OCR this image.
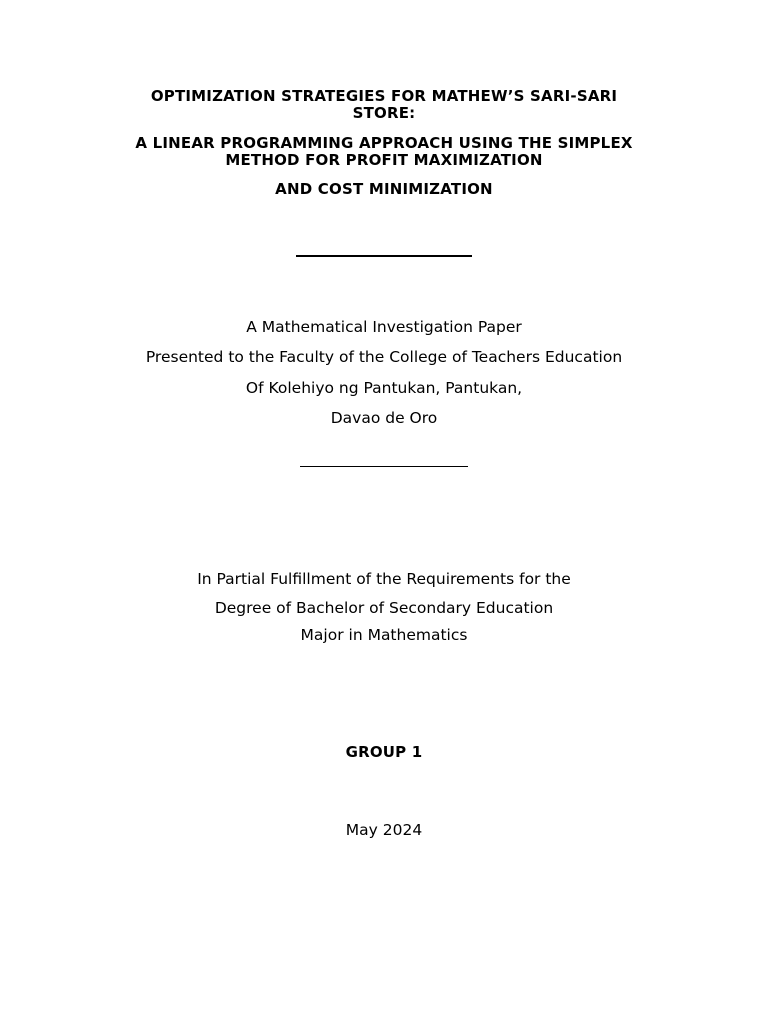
OPTIMIZATION STRATEGIES FOR MATHEW’S SARI-SARI
STORE:
A LINEAR PROGRAMMING APPROACH USING THE SIMPLEX
METHOD FOR PROFIT MAXIMIZATION
AND COST MINIMIZATION
A Mathematical Investigation Paper
Presented to the Faculty of the College of Teachers Education
Of Kolehiyo ng Pantukan, Pantukan,
Davao de Oro
In Partial Fulfillment of the Requirements for the
Degree of Bachelor of Secondary Education
Major in Mathematics
GROUP 1
May 2024
